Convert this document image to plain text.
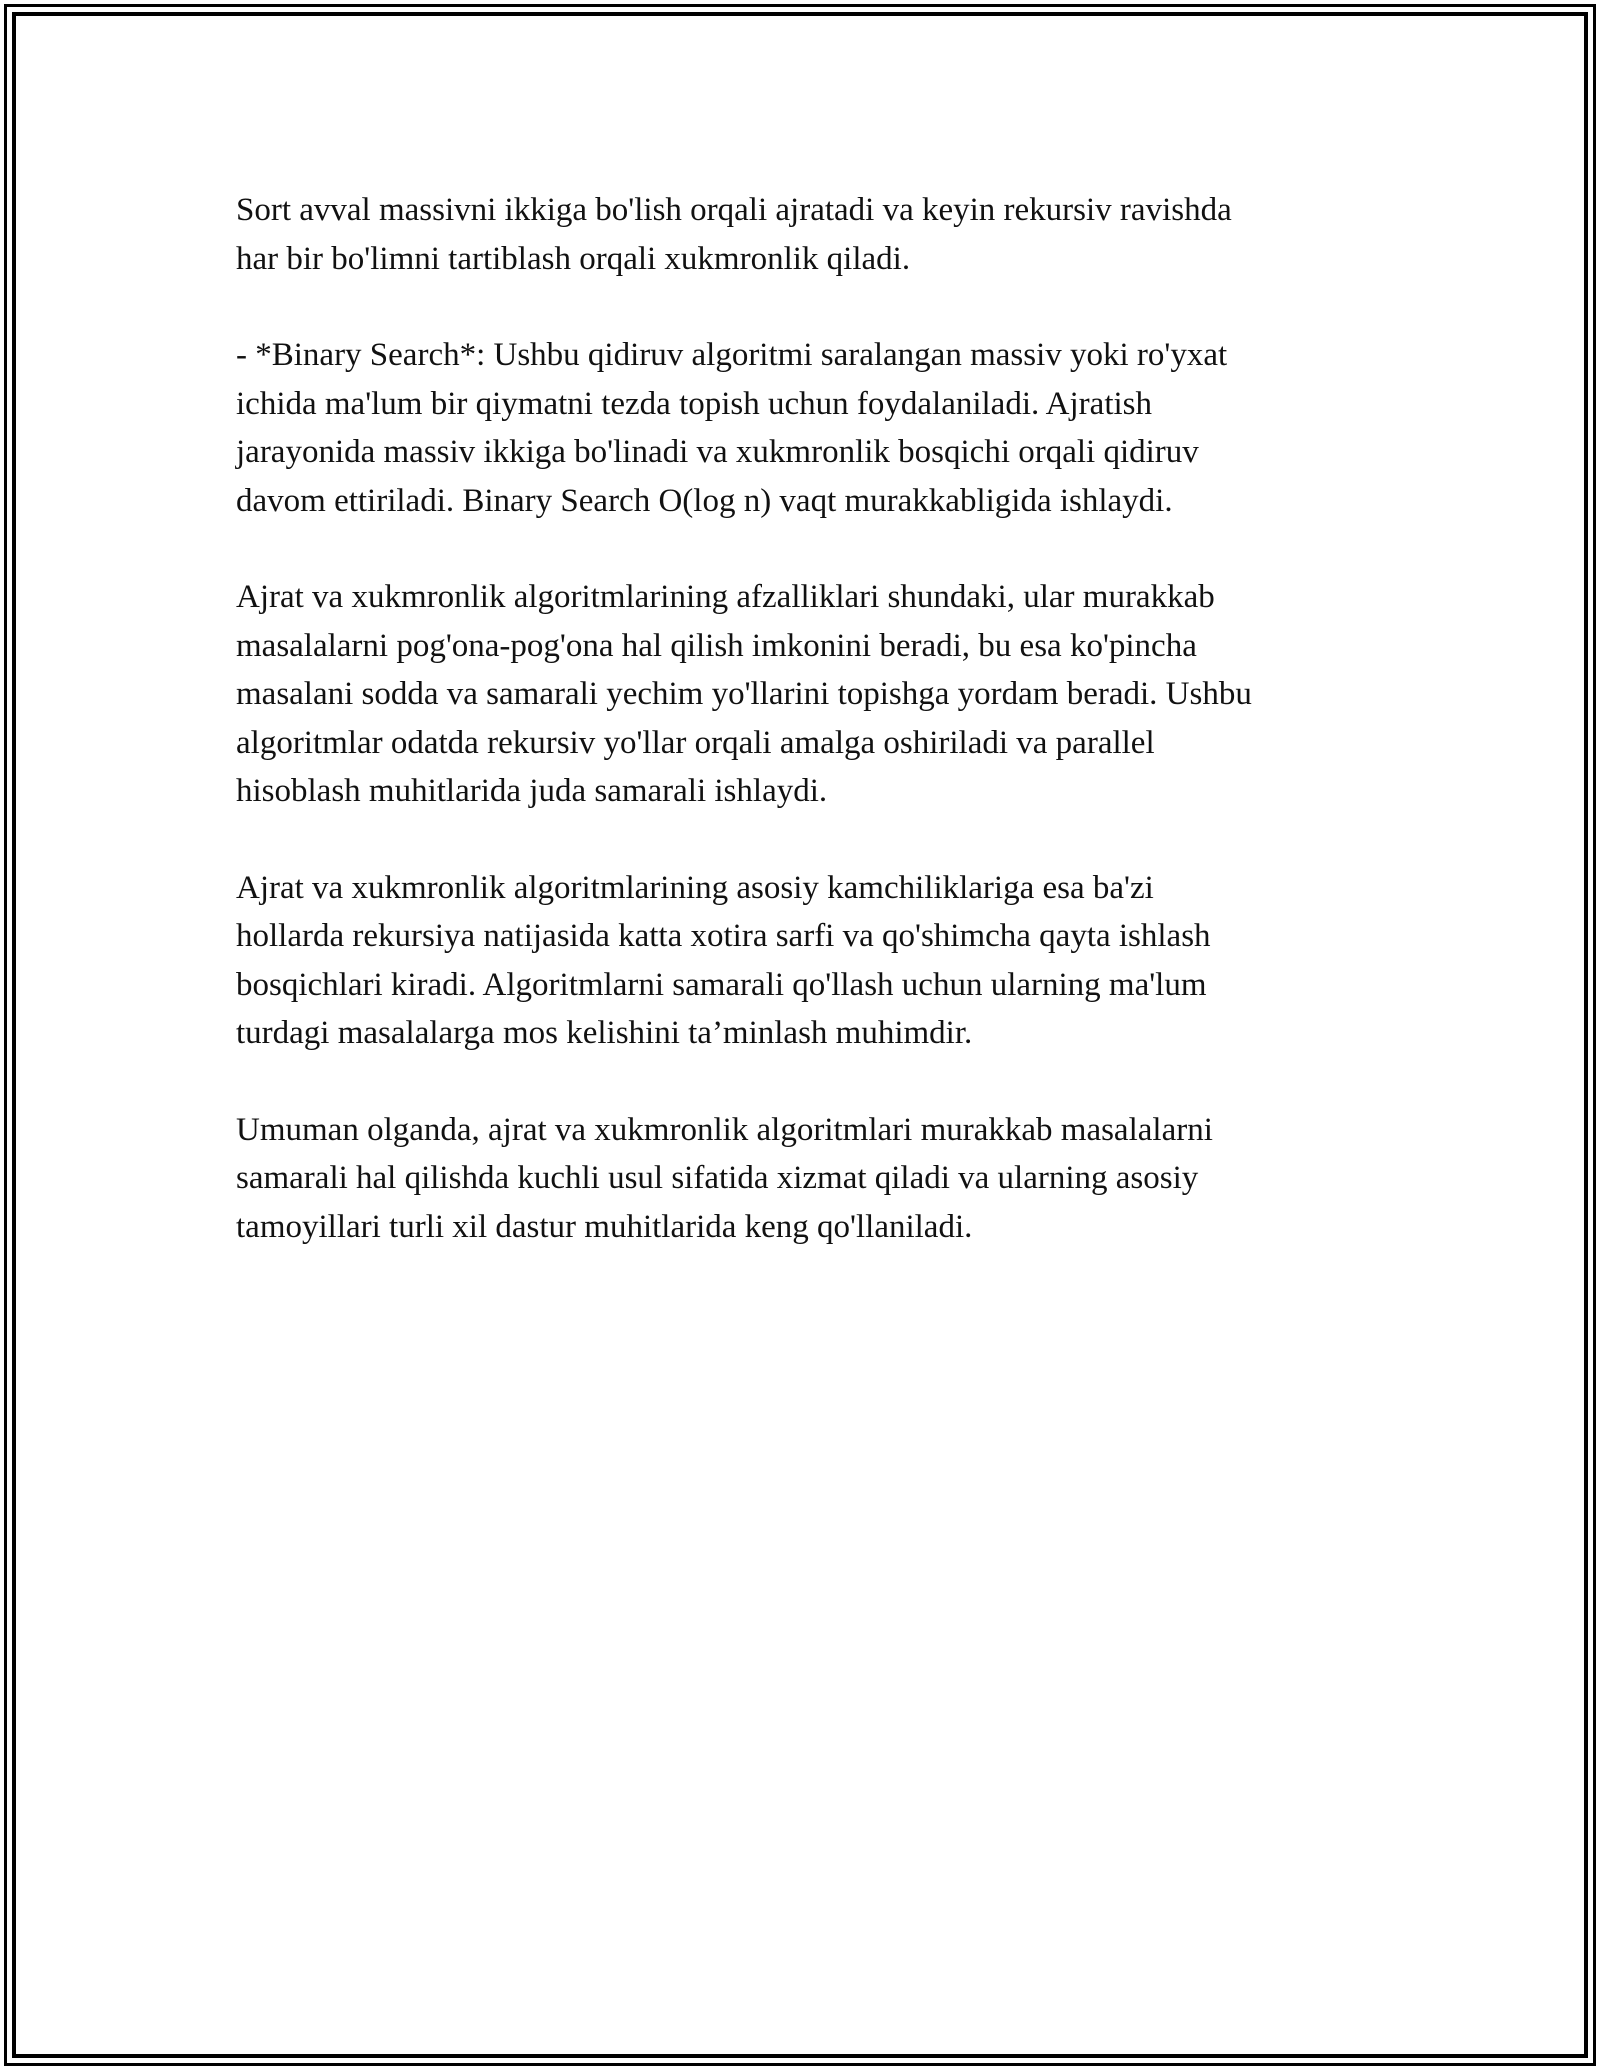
Sort avval massivni ikkiga bo'lish orqali ajratadi va keyin rekursiv ravishda
har bir bo'limni tartiblash orqali xukmronlik qiladi.

- *Binary Search*: Ushbu qidiruv algoritmi saralangan massiv yoki ro'yxat
ichida ma'lum bir qiymatni tezda topish uchun foydalaniladi. Ajratish
jarayonida massiv ikkiga bo'linadi va xukmronlik bosqichi orqali qidiruv
davom ettiriladi. Binary Search O(log n) vaqt murakkabligida ishlaydi.

Ajrat va xukmronlik algoritmlarining afzalliklari shundaki, ular murakkab
masalalarni pog'ona-pog'ona hal qilish imkonini beradi, bu esa ko'pincha
masalani sodda va samarali yechim yo'llarini topishga yordam beradi. Ushbu
algoritmlar odatda rekursiv yo'llar orqali amalga oshiriladi va parallel
hisoblash muhitlarida juda samarali ishlaydi.

Ajrat va xukmronlik algoritmlarining asosiy kamchiliklariga esa ba'zi
hollarda rekursiya natijasida katta xotira sarfi va qo'shimcha qayta ishlash
bosqichlari kiradi. Algoritmlarni samarali qo'llash uchun ularning ma'lum
turdagi masalalarga mos kelishini ta’minlash muhimdir.

Umuman olganda, ajrat va xukmronlik algoritmlari murakkab masalalarni
samarali hal qilishda kuchli usul sifatida xizmat qiladi va ularning asosiy
tamoyillari turli xil dastur muhitlarida keng qo'llaniladi.
